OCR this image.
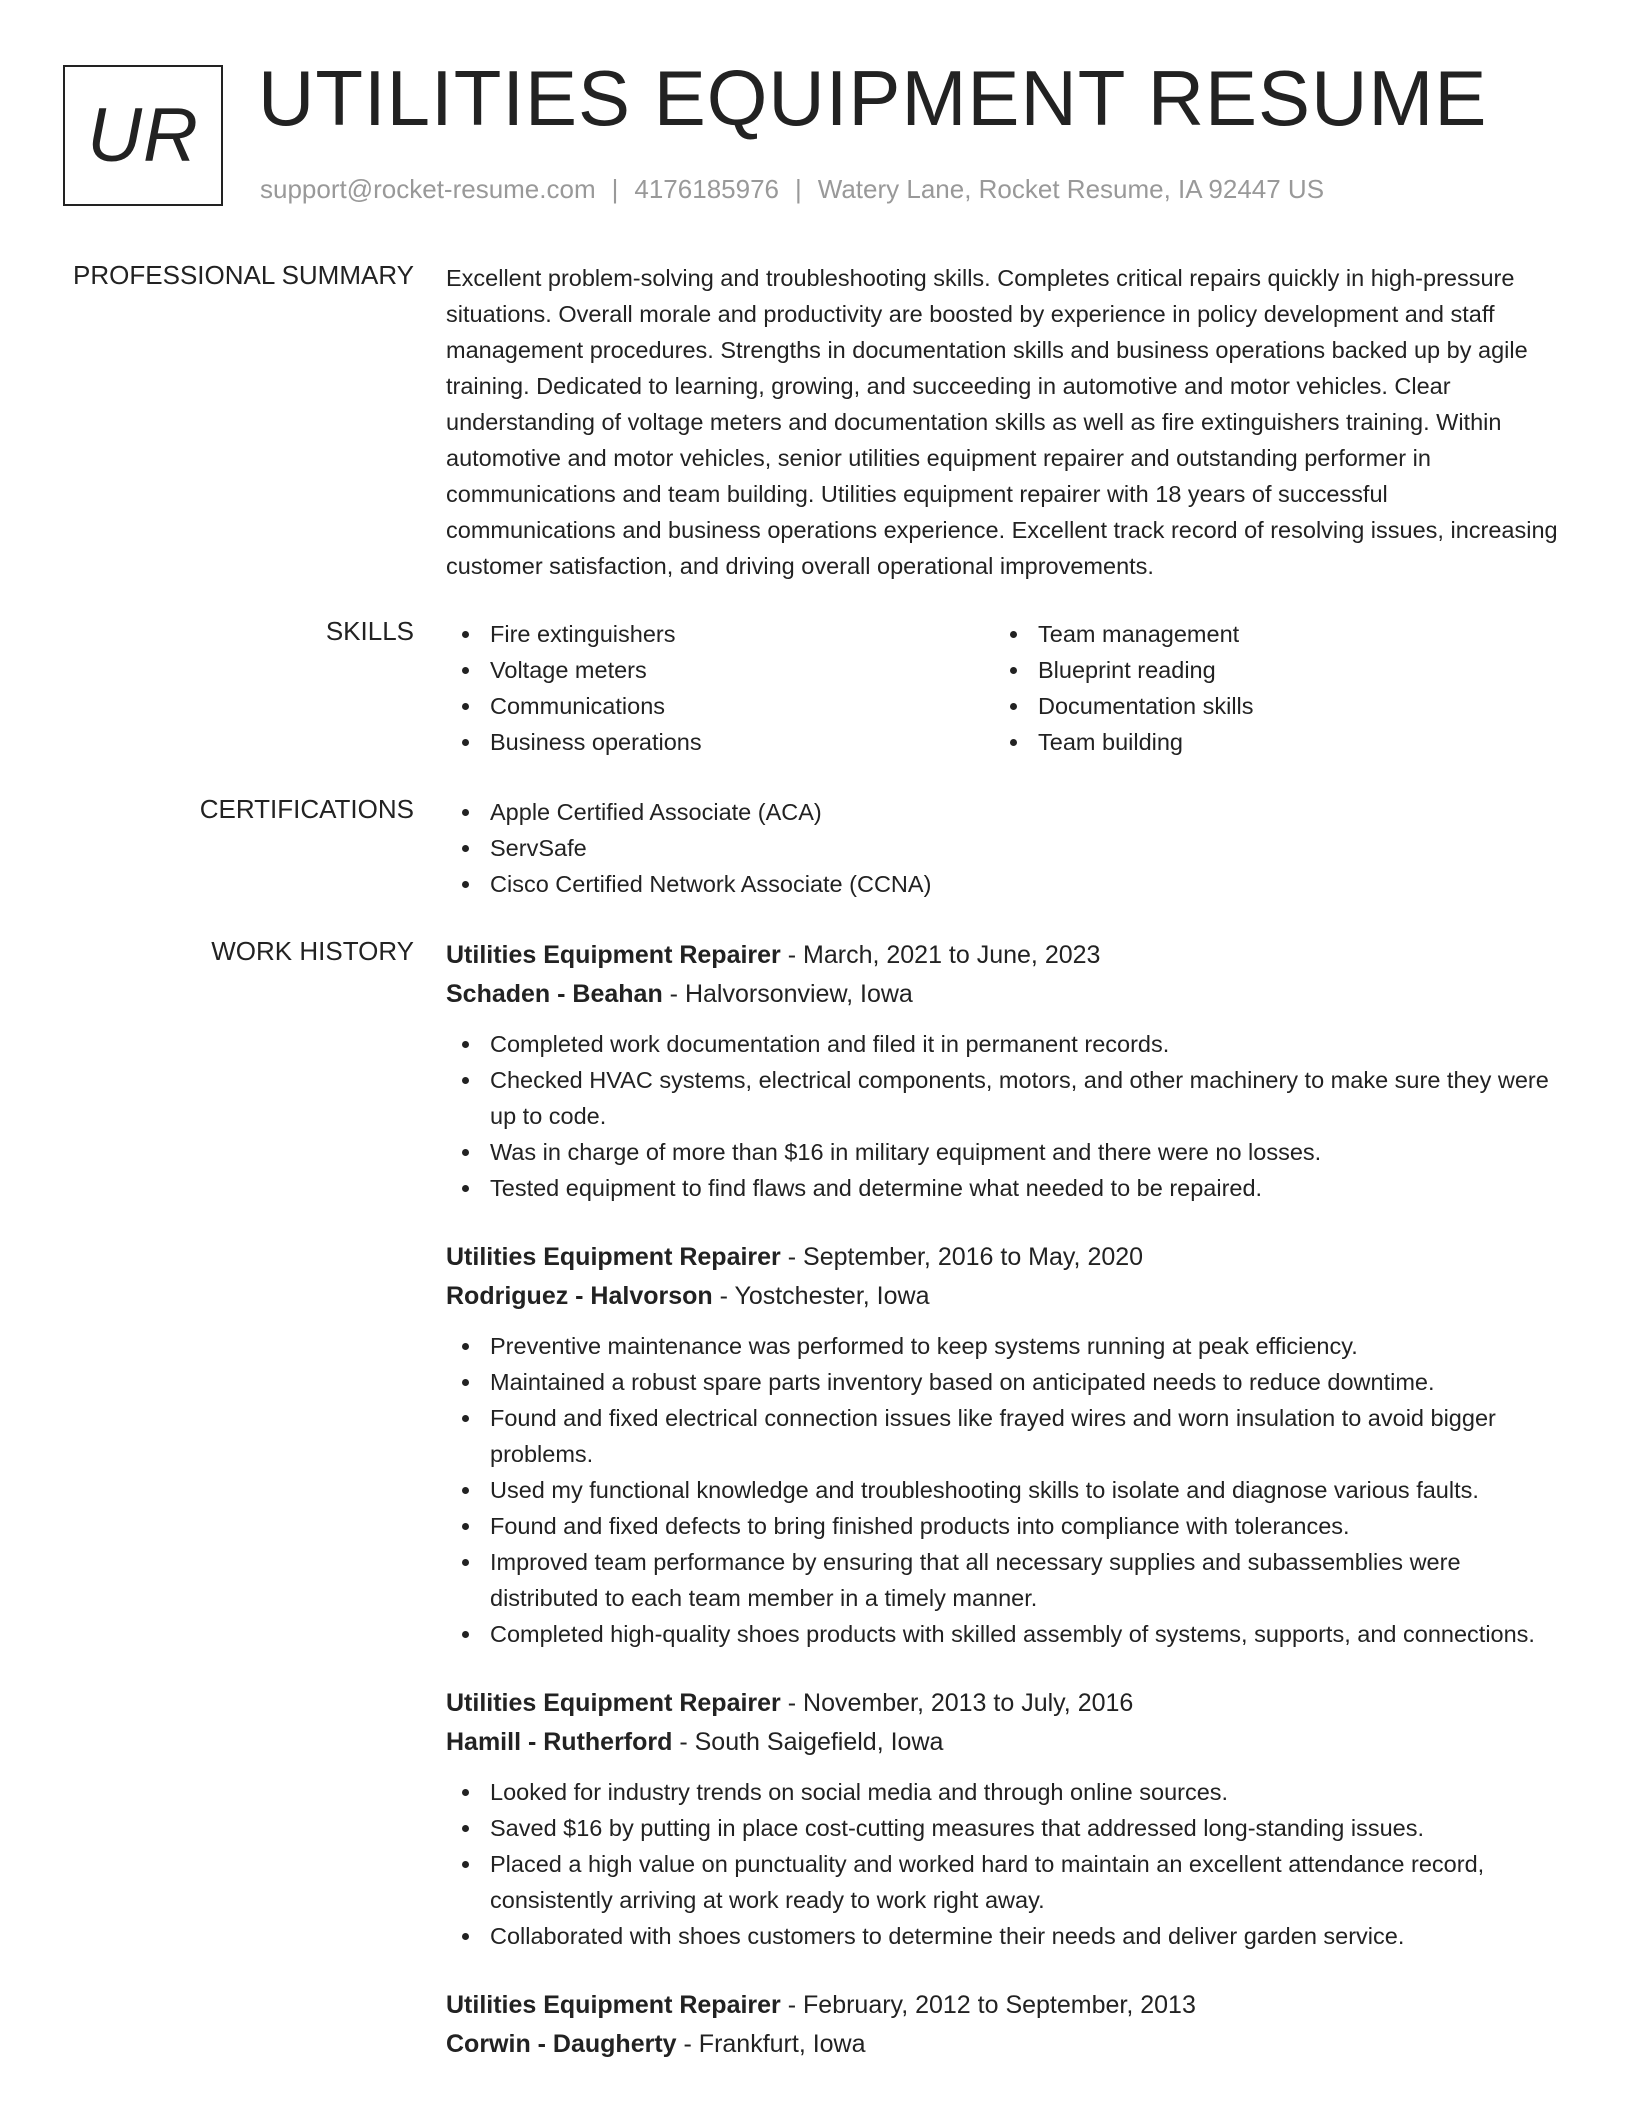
UR UTILITIES EQUIPMENT RESUME
support@rocket-resume.com | 4176185976 | Watery Lane, Rocket Resume, IA 92447 US
PROFESSIONAL SUMMARY Excellent problem-solving and troubleshooting skills. Completes critical repairs quickly in high-pressure situations. Overall morale and productivity are boosted by experience in policy development and staff management procedures. Strengths in documentation skills and business operations backed up by agile training. Dedicated to learning, growing, and succeeding in automotive and motor vehicles. Clear understanding of voltage meters and documentation skills as well as fire extinguishers training. Within automotive and motor vehicles, senior utilities equipment repairer and outstanding performer in communications and team building. Utilities equipment repairer with 18 years of successful communications and business operations experience. Excellent track record of resolving issues, increasing customer satisfaction, and driving overall operational improvements.
SKILLS	Fire extinguishers
Voltage meters
Communications
Business operations
Team management
Blueprint reading
Documentation skills
Team building
CERTIFICATIONS	Apple Certified Associate (ACA)
ServSafe
Cisco Certified Network Associate (CCNA)
WORK HISTORY Utilities Equipment Repairer - March, 2021 to June, 2023
Schaden - Beahan - Halvorsonview, Iowa
Completed work documentation and filed it in permanent records.
Checked HVAC systems, electrical components, motors, and other machinery to make sure they were up to code.
Was in charge of more than $16 in military equipment and there were no losses.
Tested equipment to find flaws and determine what needed to be repaired.
Utilities Equipment Repairer - September, 2016 to May, 2020
Rodriguez - Halvorson - Yostchester, Iowa
Preventive maintenance was performed to keep systems running at peak efficiency.
Maintained a robust spare parts inventory based on anticipated needs to reduce downtime.
Found and fixed electrical connection issues like frayed wires and worn insulation to avoid bigger problems.
Used my functional knowledge and troubleshooting skills to isolate and diagnose various faults.
Found and fixed defects to bring finished products into compliance with tolerances.
Improved team performance by ensuring that all necessary supplies and subassemblies were distributed to each team member in a timely manner.
Completed high-quality shoes products with skilled assembly of systems, supports, and connections.
Utilities Equipment Repairer - November, 2013 to July, 2016
Hamill - Rutherford - South Saigefield, Iowa
Looked for industry trends on social media and through online sources.
Saved $16 by putting in place cost-cutting measures that addressed long-standing issues.
Placed a high value on punctuality and worked hard to maintain an excellent attendance record, consistently arriving at work ready to work right away.
Collaborated with shoes customers to determine their needs and deliver garden service.
Utilities Equipment Repairer - February, 2012 to September, 2013
Corwin - Daugherty - Frankfurt, Iowa
